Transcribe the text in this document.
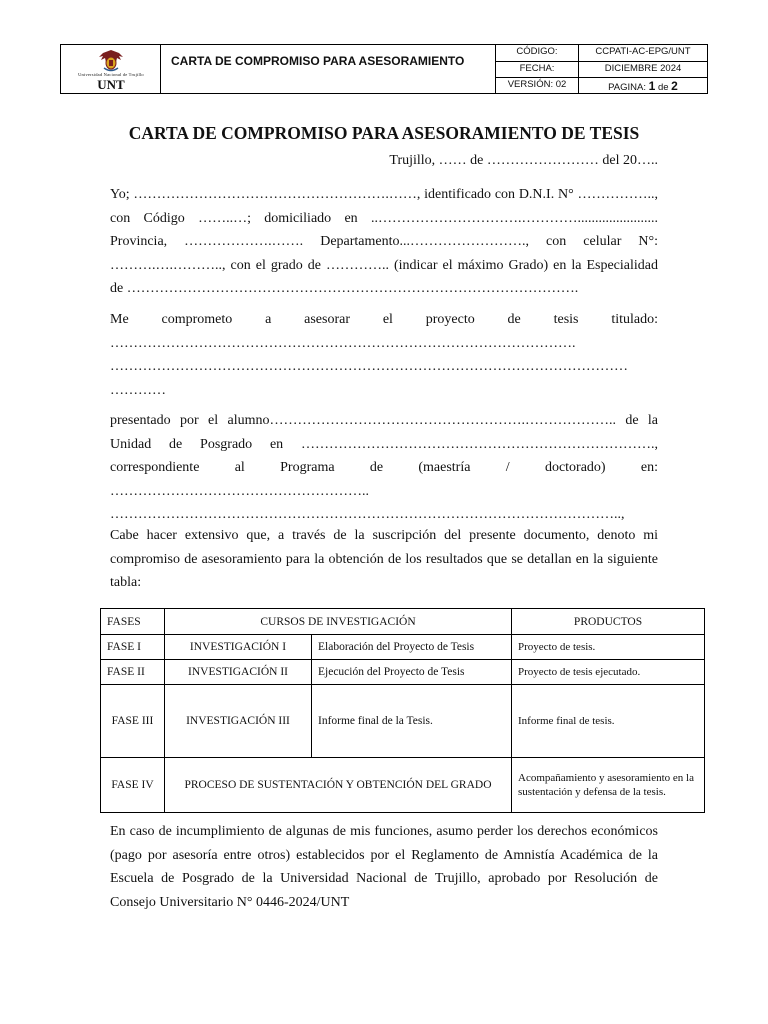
Universidad Nacional de Trujillo
UNT
CARTA DE COMPROMISO PARA ASESORAMIENTO
CÓDIGO:	CCPATI-AC-EPG/UNT
FECHA:	DICIEMBRE 2024
VERSIÓN: 02	PAGINA: 1 de 2
CARTA DE COMPROMISO PARA ASESORAMIENTO DE TESIS
Trujillo, …… de …………………… del 20…..
Yo; ……………………………………………….……, identificado con D.N.I. N° ……………..,
con Código ……..…; domiciliado en ..………………………….………….......................
Provincia, ……………….……. Departamento...……………………., con celular N°:
……….….……….., con el grado de ………….. (indicar el máximo Grado) en la Especialidad
de …………………………………………………………………………………….
Me comprometo a asesorar el proyecto de tesis titulado:
……………………………………………………………………………………….
…………………………………………………………………………………………………
…………
presentado por el alumno……………………………………………….……………….. de la
Unidad de Posgrado en ………………………………………………………………….,
correspondiente al Programa de (maestría / doctorado) en:
………………………………………………..
………………………………………………………………………………………………..,
Cabe hacer extensivo que, a través de la suscripción del presente documento, denoto mi
compromiso de asesoramiento para la obtención de los resultados que se detallan en la siguiente
tabla:
FASES	CURSOS DE INVESTIGACIÓN		PRODUCTOS
FASE I	INVESTIGACIÓN I	Elaboración del Proyecto de Tesis	Proyecto de tesis.
FASE II	INVESTIGACIÓN II	Ejecución del Proyecto de Tesis	Proyecto de tesis ejecutado.
FASE III	INVESTIGACIÓN III	Informe final de la Tesis.	Informe final de tesis.
FASE IV	PROCESO DE SUSTENTACIÓN Y OBTENCIÓN DEL GRADO		Acompañamiento y asesoramiento en la sustentación y defensa de la tesis.
En caso de incumplimiento de algunas de mis funciones, asumo perder los derechos económicos
(pago por asesoría entre otros) establecidos por el Reglamento de Amnistía Académica de la
Escuela de Posgrado de la Universidad Nacional de Trujillo, aprobado por Resolución de
Consejo Universitario N° 0446-2024/UNT
